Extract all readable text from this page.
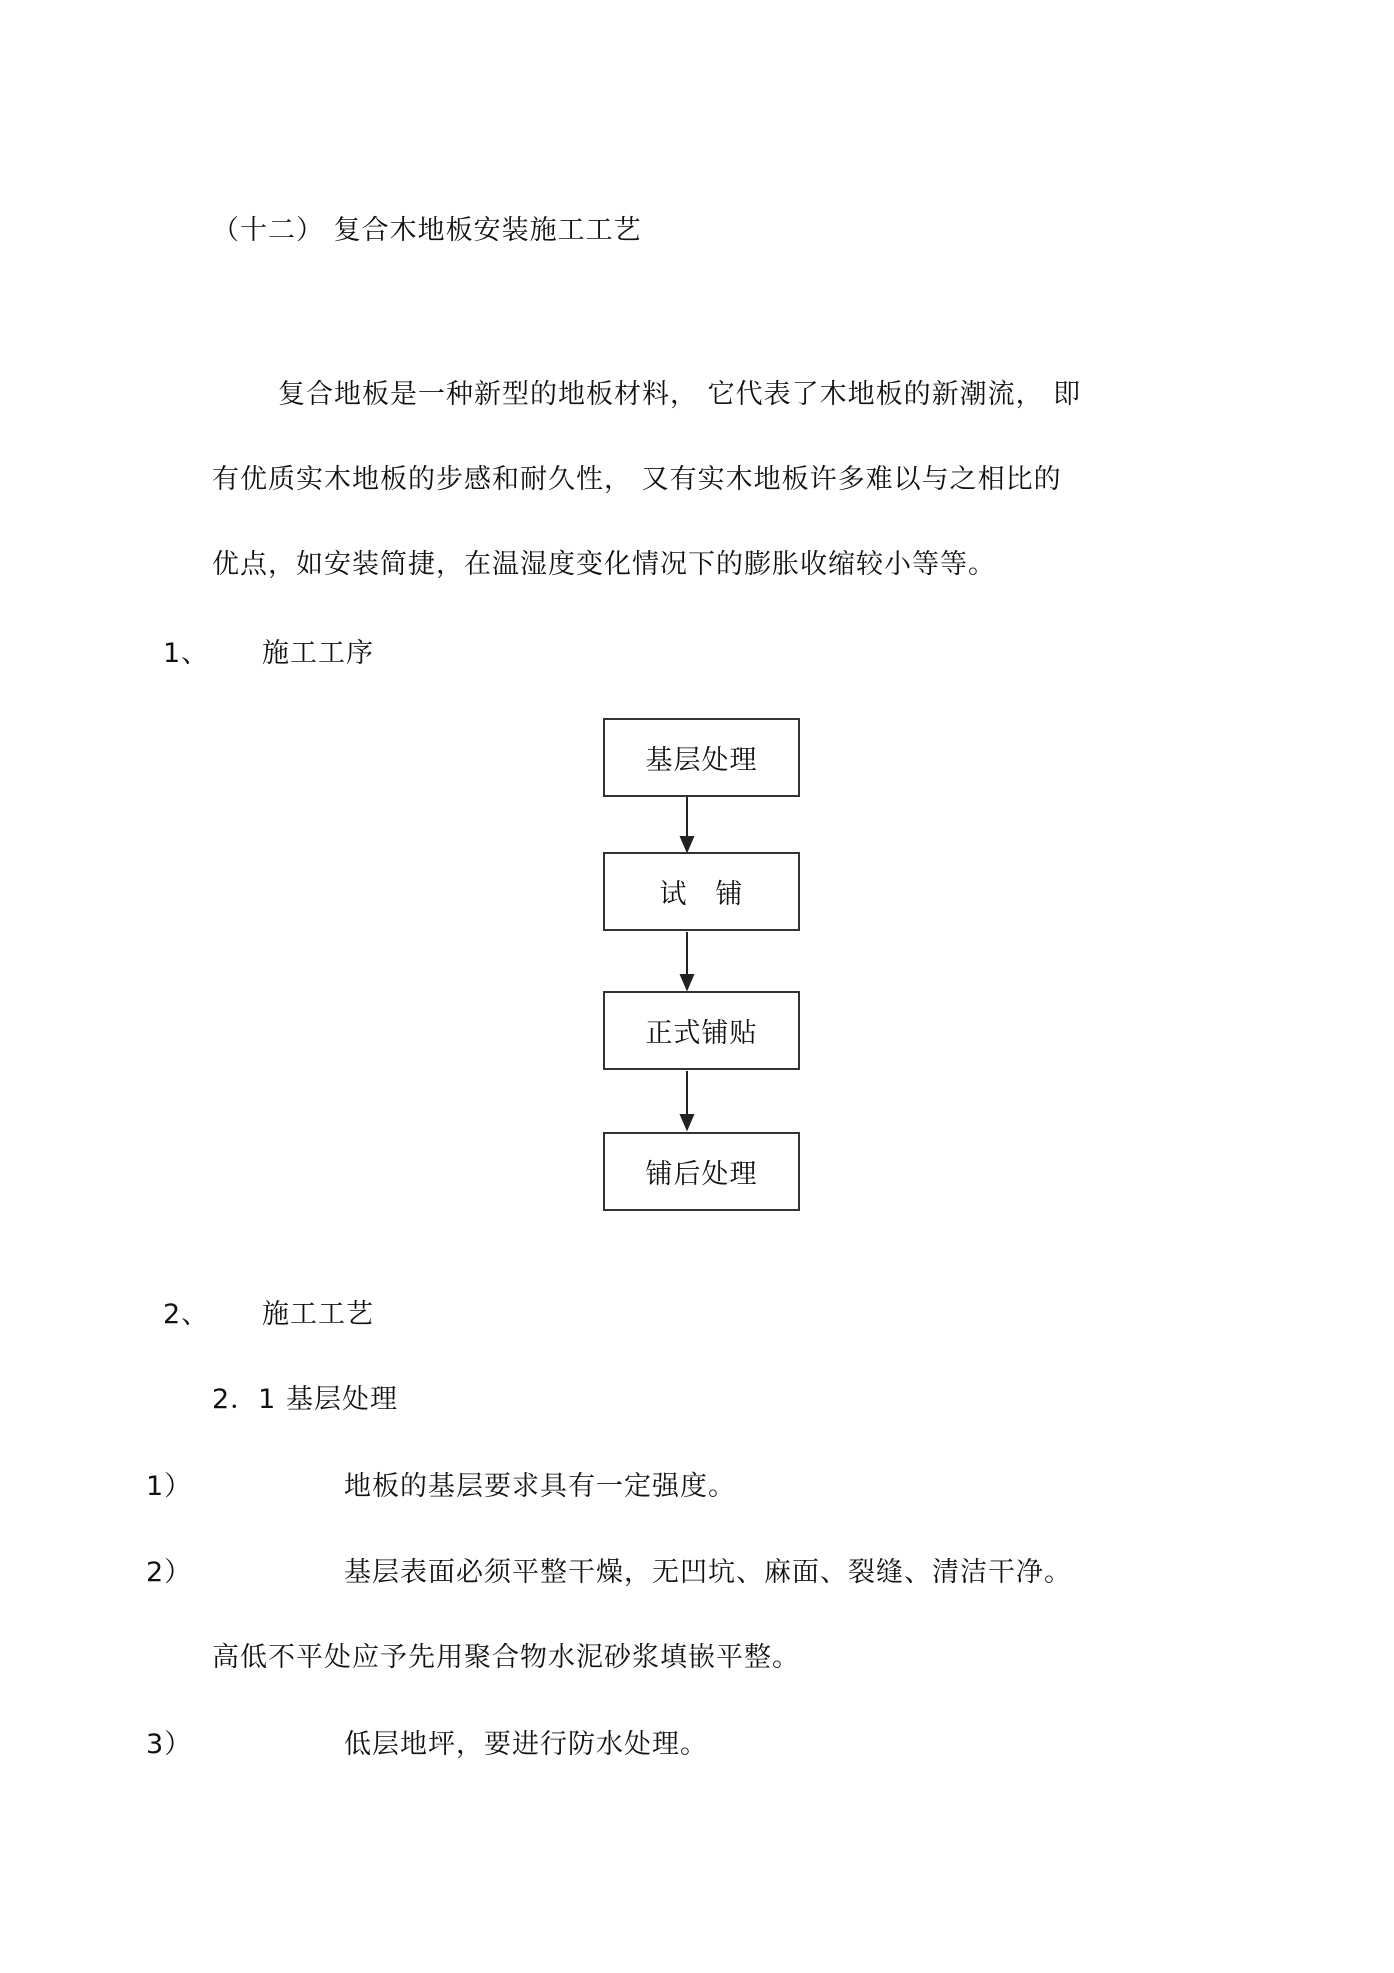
（十二） 复合木地板安装施工工艺
复合地板是一种新型的地板材料， 它代表了木地板的新潮流， 即
有优质实木地板的步感和耐久性， 又有实木地板许多难以与之相比的
优点，如安装简捷，在温湿度变化情况下的膨胀收缩较小等等。
1、 施工工序
基层处理
试　铺
正式铺贴
铺后处理
2、 施工工艺
2．1 基层处理
1）	地板的基层要求具有一定强度。
2）	基层表面必须平整干燥，无凹坑、麻面、裂缝、清洁干净。
高低不平处应予先用聚合物水泥砂浆填嵌平整。
3）	低层地坪，要进行防水处理。
